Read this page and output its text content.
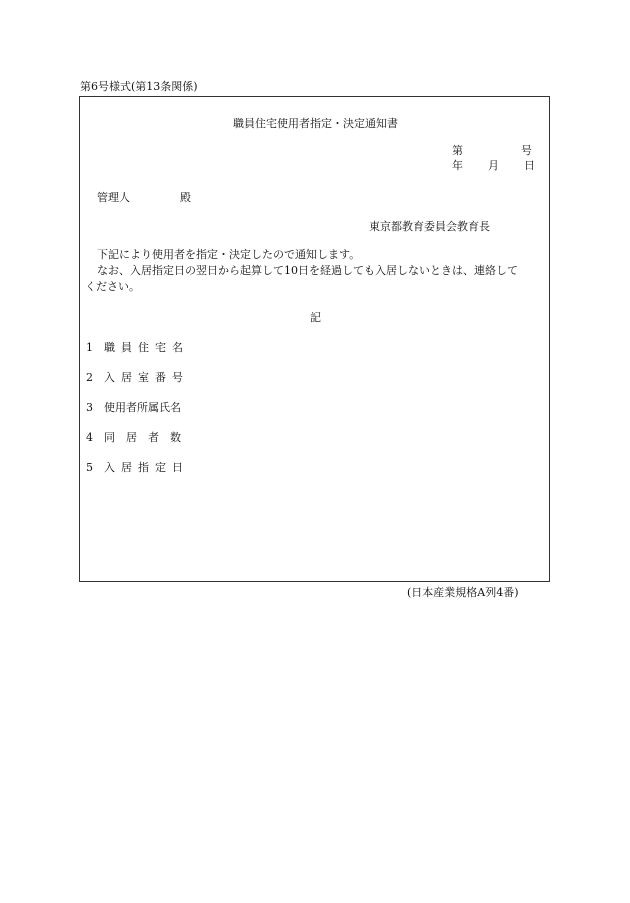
第6号様式(第13条関係)
職員住宅使用者指定・決定通知書
第	号
年 月 日
管理人	殿
東京都教育委員会教育長
下記により使用者を指定・決定したので通知します。
なお、入居指定日の翌日から起算して10日を経過しても入居しないときは、連絡して
ください。
記
1 職員住宅名
2 入居室番号
3 使用者所属氏名
4 同居者数
5 入居指定日
(日本産業規格A列4番)
